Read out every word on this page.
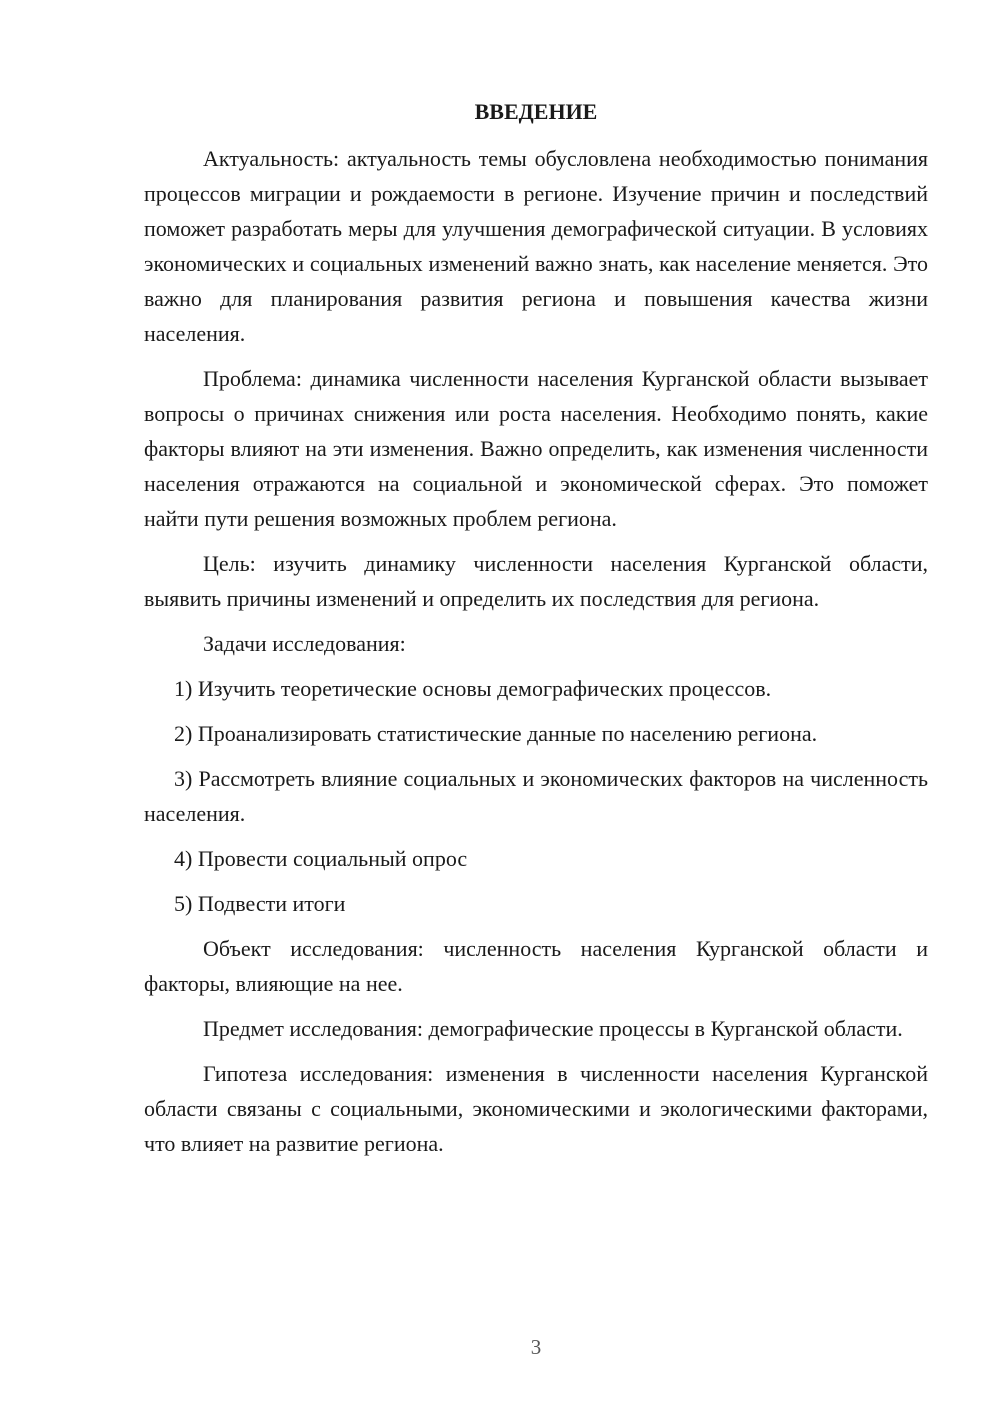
ВВЕДЕНИЕ

Актуальность: актуальность темы обусловлена необходимостью понимания процессов миграции и рождаемости в регионе. Изучение причин и последствий поможет разработать меры для улучшения демографической ситуации. В условиях экономических и социальных изменений важно знать, как население меняется. Это важно для планирования развития региона и повышения качества жизни населения.

Проблема: динамика численности населения Курганской области вызывает вопросы о причинах снижения или роста населения. Необходимо понять, какие факторы влияют на эти изменения. Важно определить, как изменения численности населения отражаются на социальной и экономической сферах. Это поможет найти пути решения возможных проблем региона.

Цель: изучить динамику численности населения Курганской области, выявить причины изменений и определить их последствия для региона.

Задачи исследования:

1) Изучить теоретические основы демографических процессов.

2) Проанализировать статистические данные по населению региона.

3) Рассмотреть влияние социальных и экономических факторов на численность населения.

4) Провести социальный опрос

5) Подвести итоги

Объект исследования: численность населения Курганской области и факторы, влияющие на нее.

Предмет исследования: демографические процессы в Курганской области.

Гипотеза исследования: изменения в численности населения Курганской области связаны с социальными, экономическими и экологическими факторами, что влияет на развитие региона.

3
